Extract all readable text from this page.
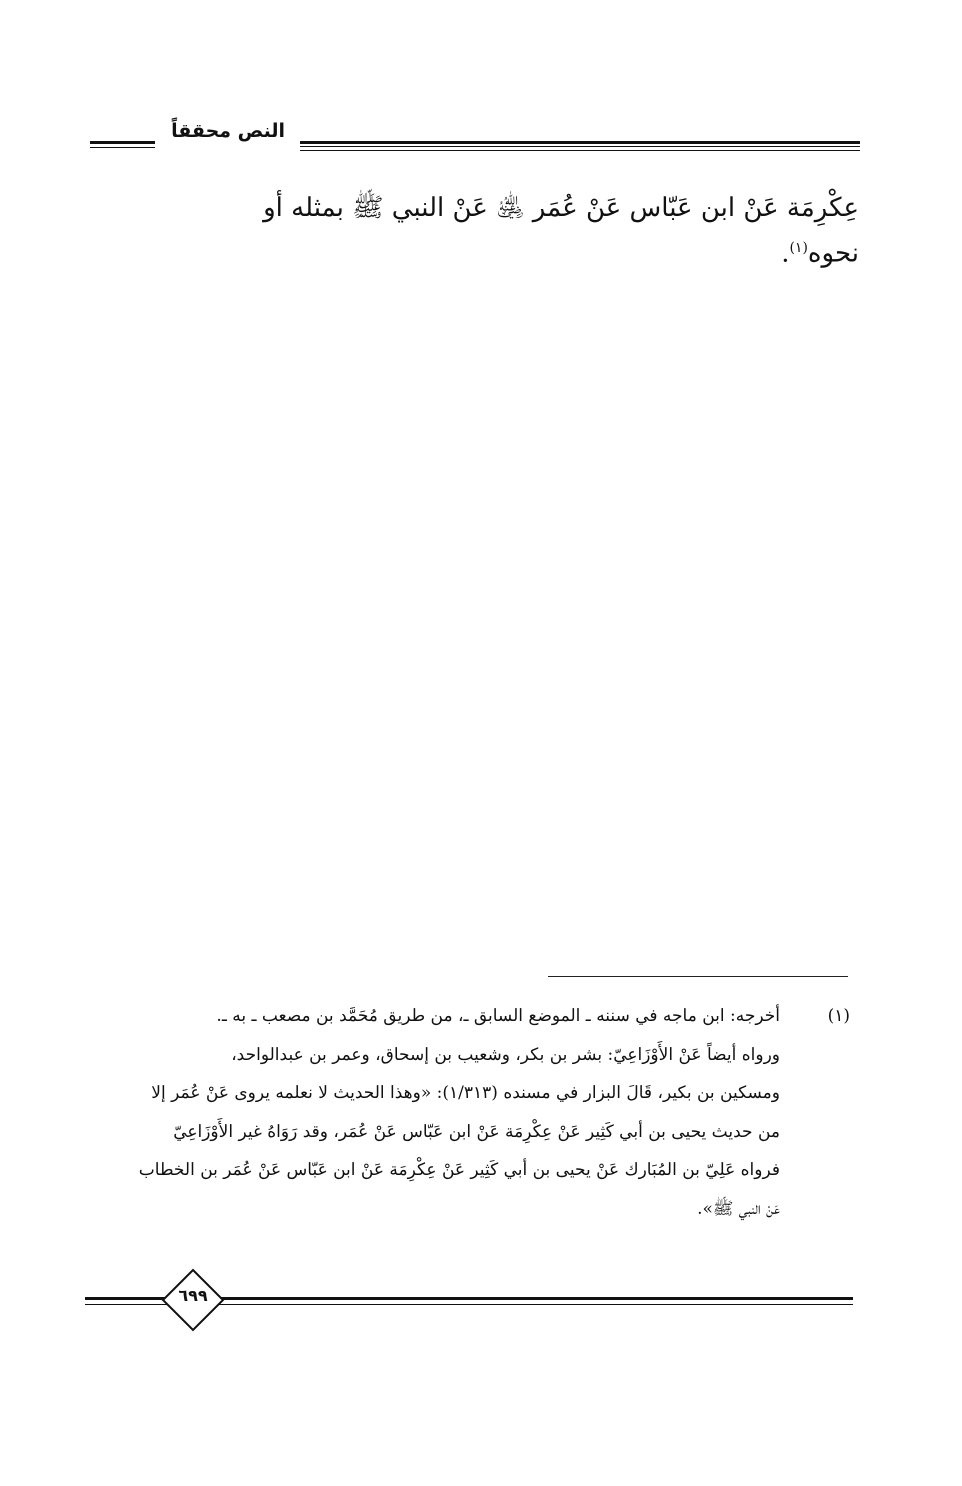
النص محققاً
عِكْرِمَة عَنْ ابن عَبّاس عَنْ عُمَر ﵁ عَنْ النبي ﷺ بمثله أو نحوه$^{(١)}$.
(١)
أخرجه: ابن ماجه في سننه ـ الموضع السابق ـ، من طريق مُحَمَّد بن مصعب ـ به ـ.
ورواه أيضاً عَنْ الأَوْزَاعِيّ: بشر بن بكر، وشعيب بن إسحاق، وعمر بن عبدالواحد،
ومسكين بن بكير، قَالَ البزار في مسنده (١/٣١٣): «وهذا الحديث لا نعلمه يروى عَنْ عُمَر إلا
من حديث يحيى بن أبي كَثِير عَنْ عِكْرِمَة عَنْ ابن عَبّاس عَنْ عُمَر، وقد رَوَاهُ غير الأَوْزَاعِيّ
فرواه عَلِيّ بن المُبَارك عَنْ يحيى بن أبي كَثِير عَنْ عِكْرِمَة عَنْ ابن عَبّاس عَنْ عُمَر بن الخطاب
عَنْ النبي ﷺ».
٦٩٩
